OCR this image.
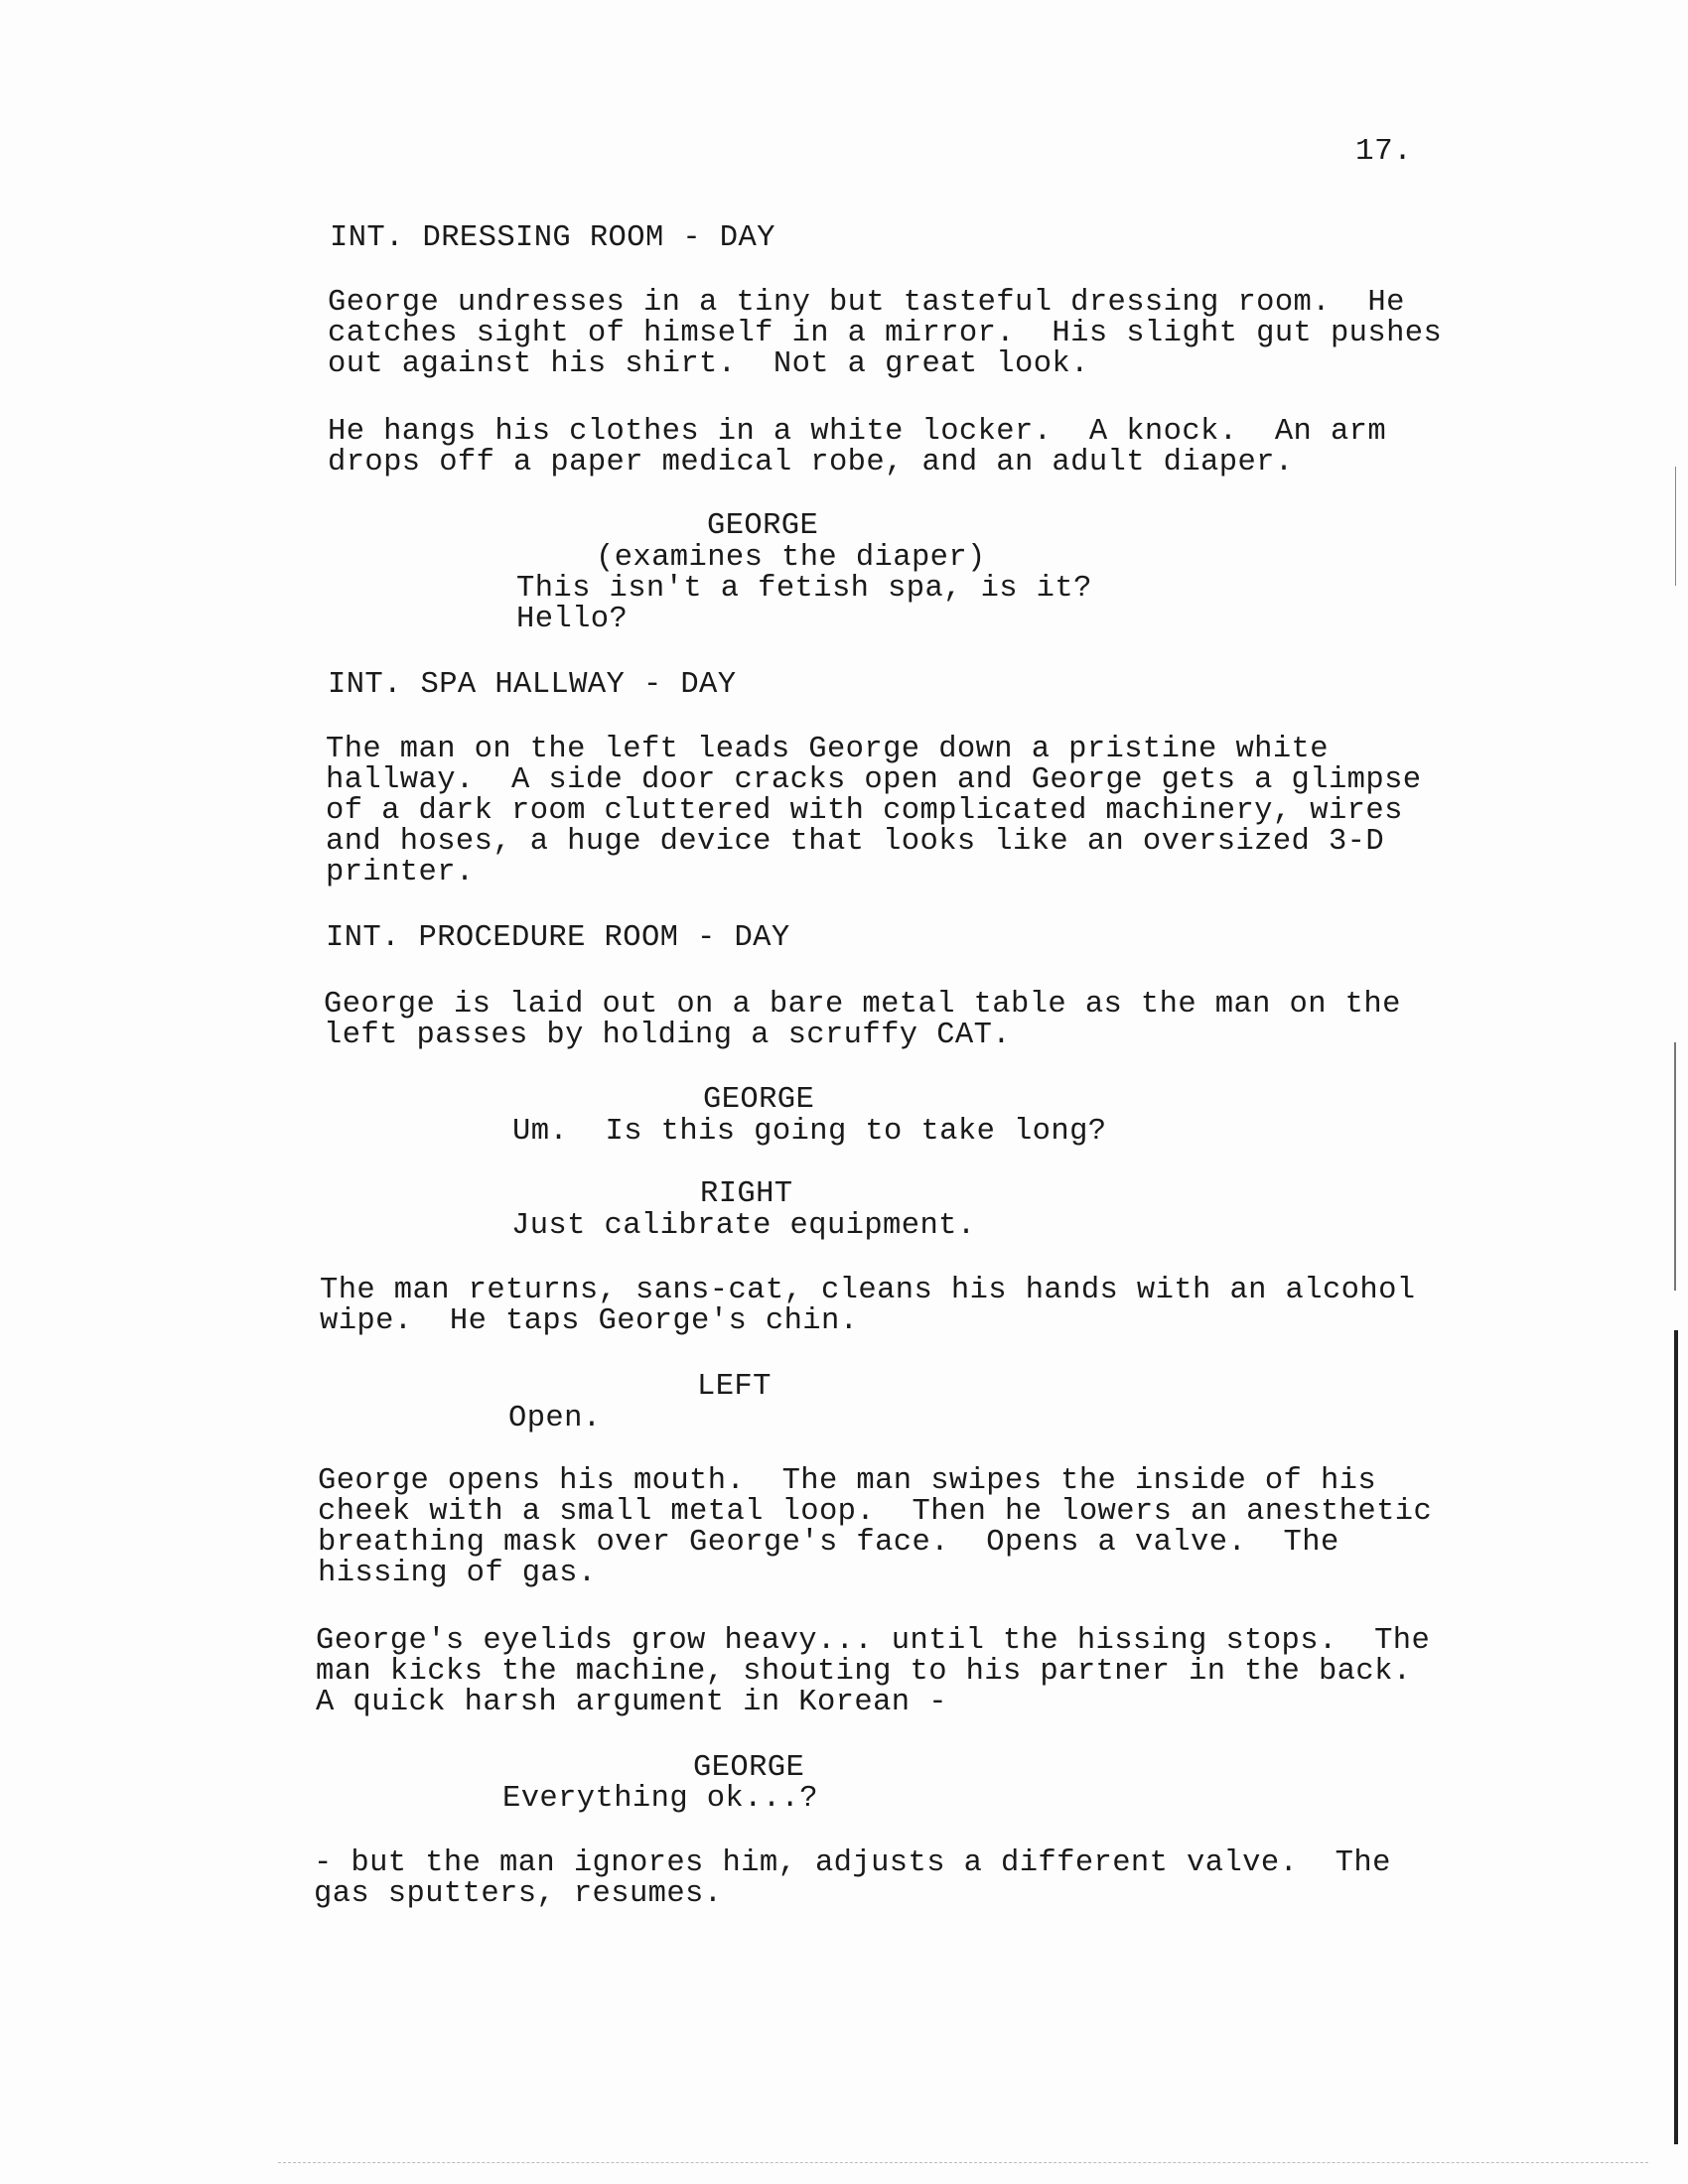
17.
INT. DRESSING ROOM - DAY
George undresses in a tiny but tasteful dressing room.  He
catches sight of himself in a mirror.  His slight gut pushes
out against his shirt.  Not a great look.
He hangs his clothes in a white locker.  A knock.  An arm
drops off a paper medical robe, and an adult diaper.
GEORGE
(examines the diaper)
This isn't a fetish spa, is it?
Hello?
INT. SPA HALLWAY - DAY
The man on the left leads George down a pristine white
hallway.  A side door cracks open and George gets a glimpse
of a dark room cluttered with complicated machinery, wires
and hoses, a huge device that looks like an oversized 3-D
printer.
INT. PROCEDURE ROOM - DAY
George is laid out on a bare metal table as the man on the
left passes by holding a scruffy CAT.
GEORGE
Um.  Is this going to take long?
RIGHT
Just calibrate equipment.
The man returns, sans-cat, cleans his hands with an alcohol
wipe.  He taps George's chin.
LEFT
Open.
George opens his mouth.  The man swipes the inside of his
cheek with a small metal loop.  Then he lowers an anesthetic
breathing mask over George's face.  Opens a valve.  The
hissing of gas.
George's eyelids grow heavy... until the hissing stops.  The
man kicks the machine, shouting to his partner in the back.
A quick harsh argument in Korean -
GEORGE
Everything ok...?
- but the man ignores him, adjusts a different valve.  The
gas sputters, resumes.
